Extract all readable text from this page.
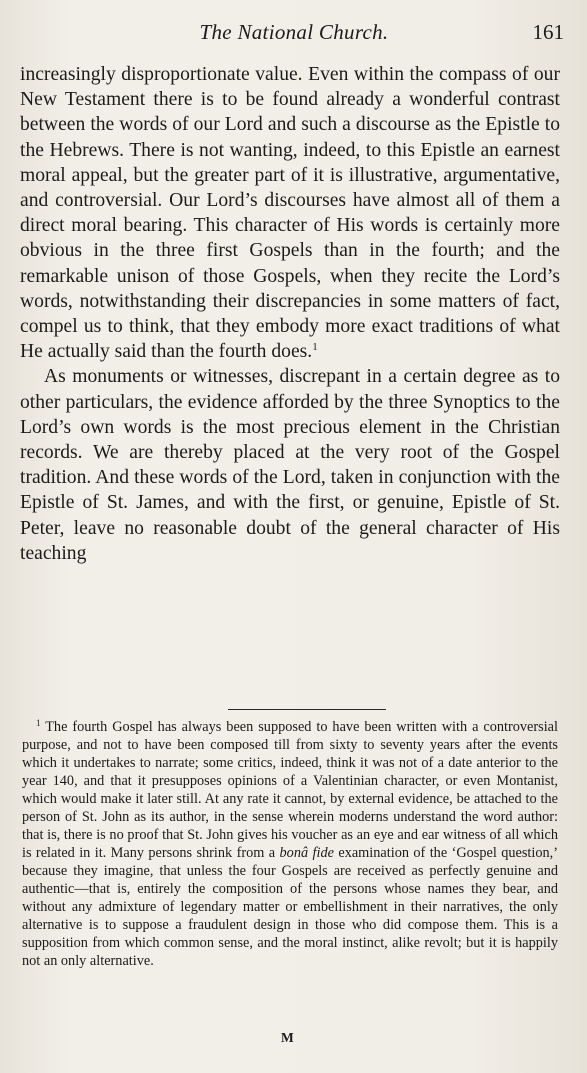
The National Church.	161

increasingly disproportionate value. Even within the compass of our New Testament there is to be found already a wonderful contrast between the words of our Lord and such a discourse as the Epistle to the Hebrews. There is not wanting, indeed, to this Epistle an earnest moral appeal, but the greater part of it is illustrative, argumentative, and controversial. Our Lord’s discourses have almost all of them a direct moral bearing. This character of His words is certainly more obvious in the three first Gospels than in the fourth; and the remarkable unison of those Gospels, when they recite the Lord’s words, notwithstanding their discrepancies in some matters of fact, compel us to think, that they embody more exact traditions of what He actually said than the fourth does.$^1$

As monuments or witnesses, discrepant in a certain degree as to other particulars, the evidence afforded by the three Synoptics to the Lord’s own words is the most precious element in the Christian records. We are thereby placed at the very root of the Gospel tradition. And these words of the Lord, taken in conjunction with the Epistle of St. James, and with the first, or genuine, Epistle of St. Peter, leave no reasonable doubt of the general character of His teaching

$^1$ The fourth Gospel has always been supposed to have been written with a controversial purpose, and not to have been composed till from sixty to seventy years after the events which it undertakes to narrate; some critics, indeed, think it was not of a date anterior to the year 140, and that it presupposes opinions of a Valentinian character, or even Montanist, which would make it later still. At any rate it cannot, by external evidence, be attached to the person of St. John as its author, in the sense wherein moderns understand the word author: that is, there is no proof that St. John gives his voucher as an eye and ear witness of all which is related in it. Many persons shrink from a bonâ fide examination of the ‘Gospel question,’ because they imagine, that unless the four Gospels are received as perfectly genuine and authentic—that is, entirely the composition of the persons whose names they bear, and without any admixture of legendary matter or embellishment in their narratives, the only alternative is to suppose a fraudulent design in those who did compose them. This is a supposition from which common sense, and the moral instinct, alike revolt; but it is happily not an only alternative.

M
